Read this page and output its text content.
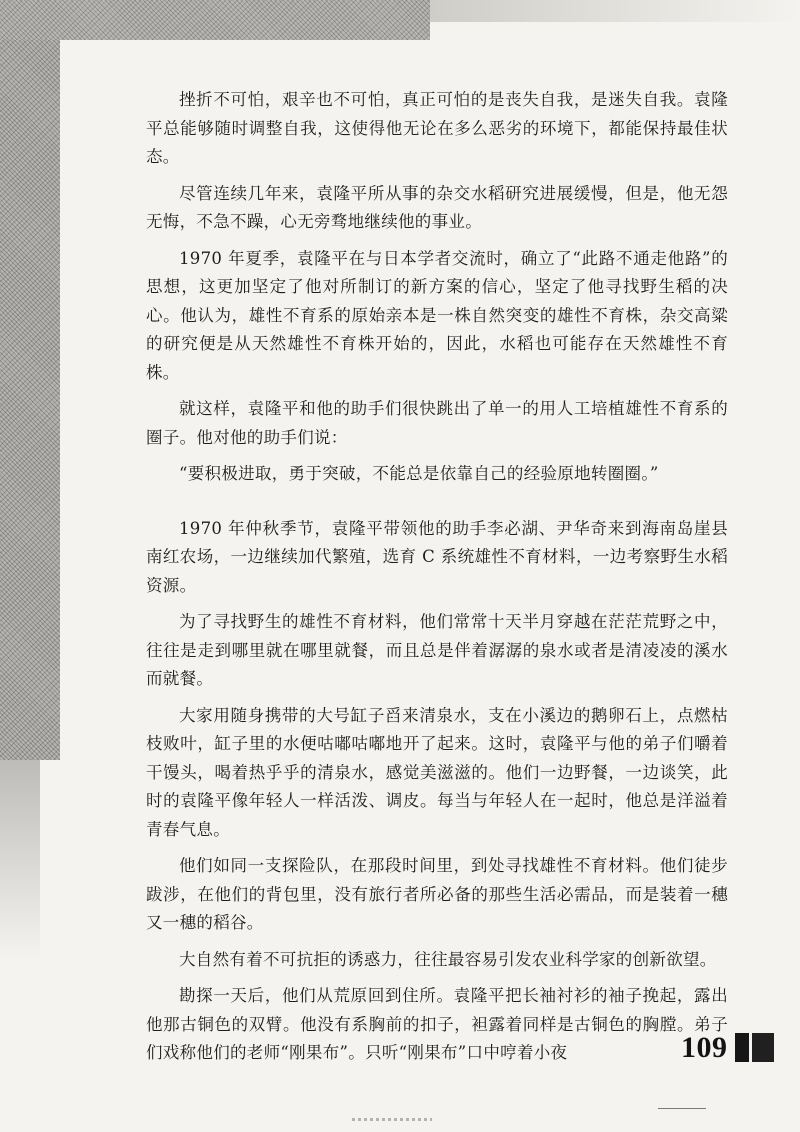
挫折不可怕，艰辛也不可怕，真正可怕的是丧失自我，是迷失自我。袁隆平总能够随时调整自我，这使得他无论在多么恶劣的环境下，都能保持最佳状态。

尽管连续几年来，袁隆平所从事的杂交水稻研究进展缓慢，但是，他无怨无悔，不急不躁，心无旁骛地继续他的事业。

1970 年夏季，袁隆平在与日本学者交流时，确立了“此路不通走他路”的思想，这更加坚定了他对所制订的新方案的信心，坚定了他寻找野生稻的决心。他认为，雄性不育系的原始亲本是一株自然突变的雄性不育株，杂交高粱的研究便是从天然雄性不育株开始的，因此，水稻也可能存在天然雄性不育株。

就这样，袁隆平和他的助手们很快跳出了单一的用人工培植雄性不育系的圈子。他对他的助手们说：

“要积极进取，勇于突破，不能总是依靠自己的经验原地转圈圈。”

1970 年仲秋季节，袁隆平带领他的助手李必湖、尹华奇来到海南岛崖县南红农场，一边继续加代繁殖，选育 C 系统雄性不育材料，一边考察野生水稻资源。

为了寻找野生的雄性不育材料，他们常常十天半月穿越在茫茫荒野之中，往往是走到哪里就在哪里就餐，而且总是伴着潺潺的泉水或者是清凌凌的溪水而就餐。

大家用随身携带的大号缸子舀来清泉水，支在小溪边的鹅卵石上，点燃枯枝败叶，缸子里的水便咕嘟咕嘟地开了起来。这时，袁隆平与他的弟子们嚼着干馒头，喝着热乎乎的清泉水，感觉美滋滋的。他们一边野餐，一边谈笑，此时的袁隆平像年轻人一样活泼、调皮。每当与年轻人在一起时，他总是洋溢着青春气息。

他们如同一支探险队，在那段时间里，到处寻找雄性不育材料。他们徒步跋涉，在他们的背包里，没有旅行者所必备的那些生活必需品，而是装着一穗又一穗的稻谷。

大自然有着不可抗拒的诱惑力，往往最容易引发农业科学家的创新欲望。

勘探一天后，他们从荒原回到住所。袁隆平把长袖衬衫的袖子挽起，露出他那古铜色的双臂。他没有系胸前的扣子，袒露着同样是古铜色的胸膛。弟子们戏称他们的老师“刚果布”。只听“刚果布”口中哼着小夜	109
